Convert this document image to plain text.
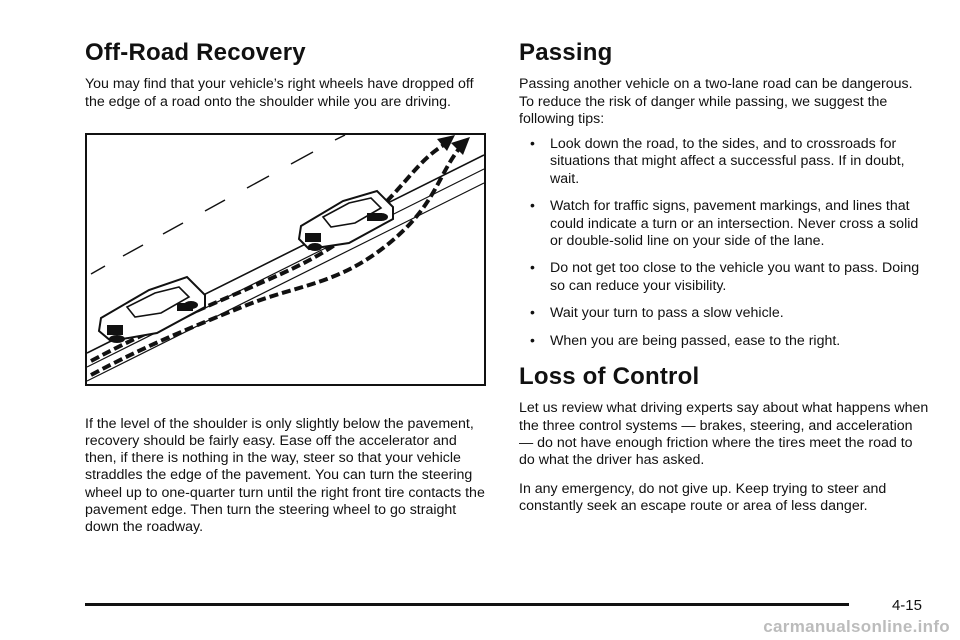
Off-Road Recovery

You may find that your vehicle’s right wheels have dropped off the edge of a road onto the shoulder while you are driving.

If the level of the shoulder is only slightly below the pavement, recovery should be fairly easy. Ease off the accelerator and then, if there is nothing in the way, steer so that your vehicle straddles the edge of the pavement. You can turn the steering wheel up to one-quarter turn until the right front tire contacts the pavement edge. Then turn the steering wheel to go straight down the roadway.

Passing

Passing another vehicle on a two-lane road can be dangerous. To reduce the risk of danger while passing, we suggest the following tips:

• Look down the road, to the sides, and to crossroads for situations that might affect a successful pass. If in doubt, wait.
• Watch for traffic signs, pavement markings, and lines that could indicate a turn or an intersection. Never cross a solid or double-solid line on your side of the lane.
• Do not get too close to the vehicle you want to pass. Doing so can reduce your visibility.
• Wait your turn to pass a slow vehicle.
• When you are being passed, ease to the right.
Loss of Control

Let us review what driving experts say about what happens when the three control systems — brakes, steering, and acceleration — do not have enough friction where the tires meet the road to do what the driver has asked.

In any emergency, do not give up. Keep trying to steer and constantly seek an escape route or area of less danger.

4-15
carmanualsonline.info
